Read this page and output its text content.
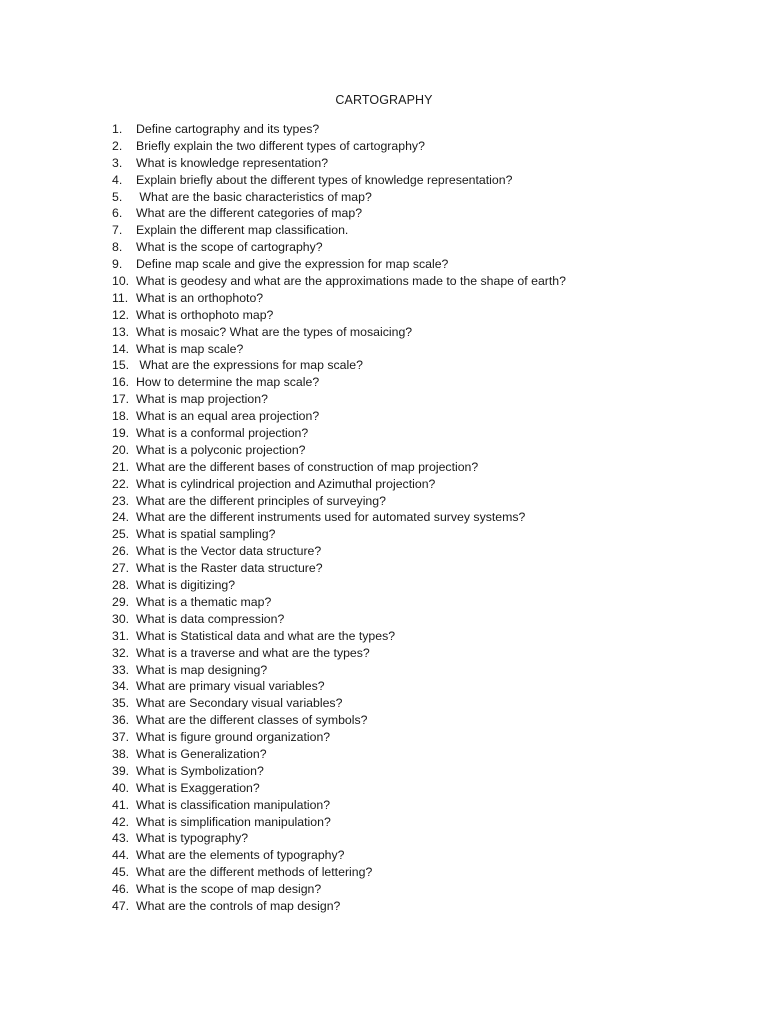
CARTOGRAPHY
1.	Define cartography and its types?
2.	Briefly explain the two different types of cartography?
3.	What is knowledge representation?
4.	Explain briefly about the different types of knowledge representation?
5.	What are the basic characteristics of map?
6.	What are the different categories of map?
7.	Explain the different map classification.
8.	What is the scope of cartography?
9.	Define map scale and give the expression for map scale?
10. What is geodesy and what are the approximations made to the shape of earth?
11. What is an orthophoto?
12. What is orthophoto map?
13. What is mosaic? What are the types of mosaicing?
14. What is map scale?
15. What are the expressions for map scale?
16. How to determine the map scale?
17. What is map projection?
18. What is an equal area projection?
19. What is a conformal projection?
20. What is a polyconic projection?
21. What are the different bases of construction of map projection?
22. What is cylindrical projection and Azimuthal projection?
23. What are the different principles of surveying?
24. What are the different instruments used for automated survey systems?
25. What is spatial sampling?
26. What is the Vector data structure?
27. What is the Raster data structure?
28. What is digitizing?
29. What is a thematic map?
30. What is data compression?
31. What is Statistical data and what are the types?
32. What is a traverse and what are the types?
33. What is map designing?
34. What are primary visual variables?
35. What are Secondary visual variables?
36. What are the different classes of symbols?
37. What is figure ground organization?
38. What is Generalization?
39. What is Symbolization?
40. What is Exaggeration?
41. What is classification manipulation?
42. What is simplification manipulation?
43. What is typography?
44. What are the elements of typography?
45. What are the different methods of lettering?
46. What is the scope of map design?
47. What are the controls of map design?
